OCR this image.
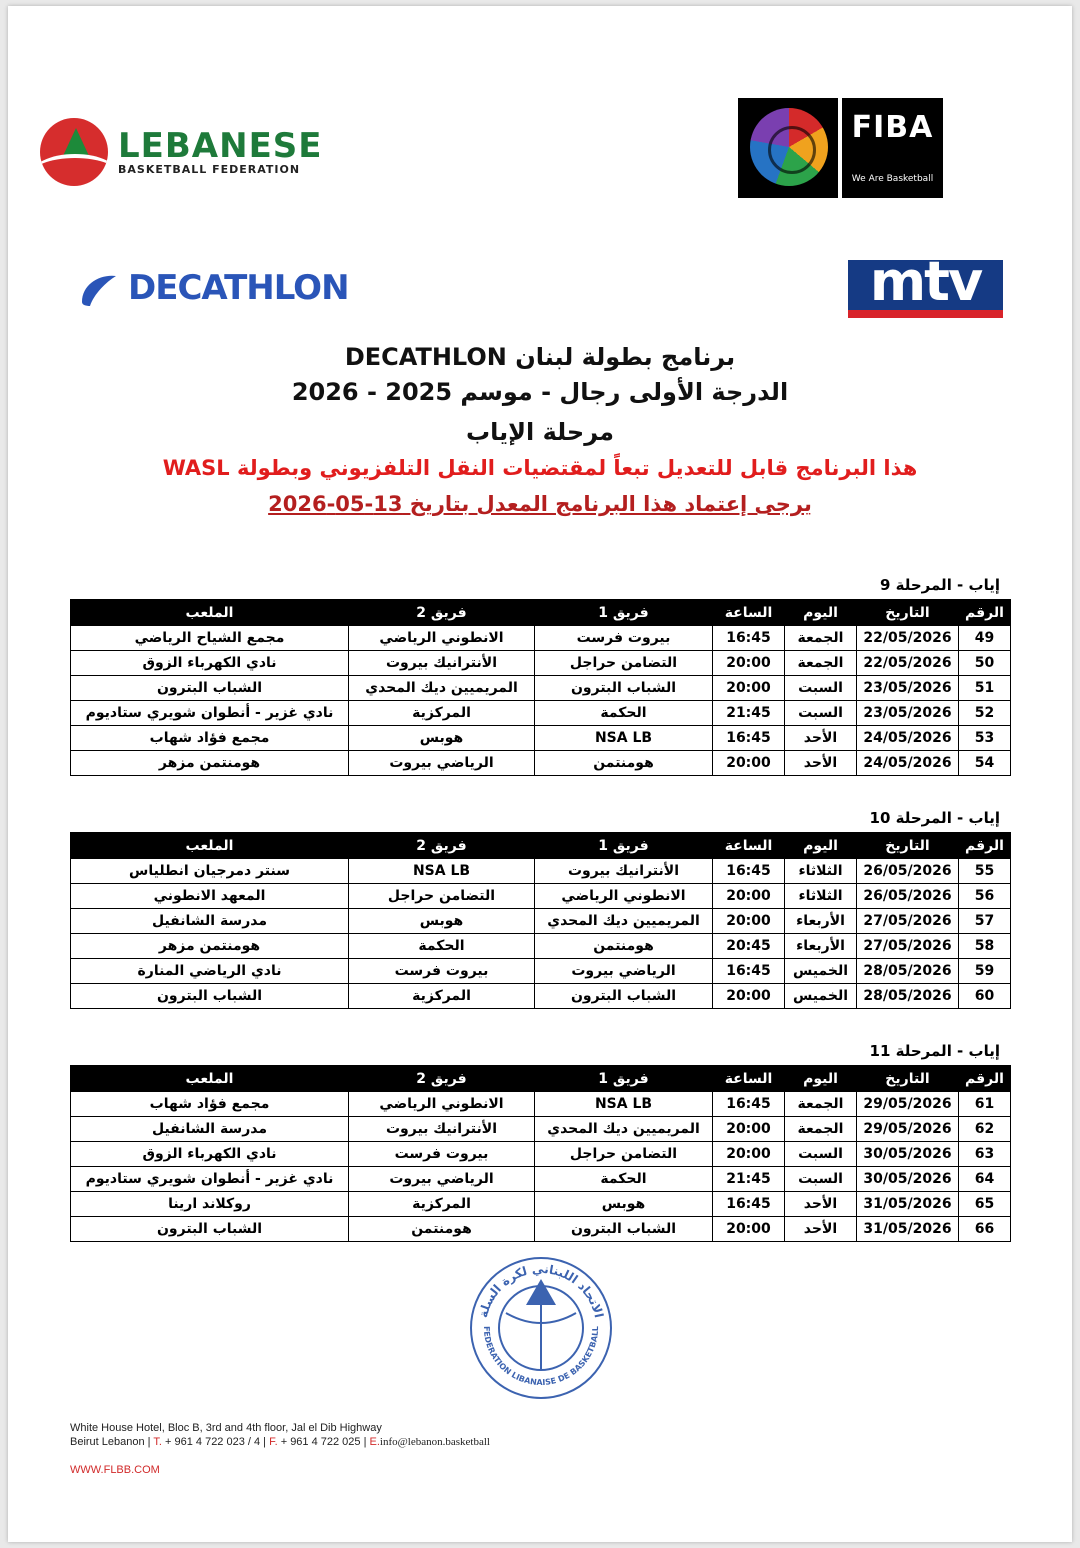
LEBANESE
BASKETBALL FEDERATION
FIBA
We Are Basketball
DECATHLON	mtv
برنامج بطولة لبنان DECATHLON
الدرجة الأولى رجال - موسم 2025 - 2026
مرحلة الإياب
هذا البرنامج قابل للتعديل تبعاً لمقتضيات النقل التلفزيوني وبطولة WASL
يرجى إعتماد هذا البرنامج المعدل بتاريخ 13-05-2026
إياب - المرحلة 9
الرقم	التاريخ	اليوم	الساعة	فريق 1	فريق 2	الملعب
49	22/05/2026	الجمعة	16:45	بيروت فرست	الانطوني الرياضي	مجمع الشياح الرياضي
50	22/05/2026	الجمعة	20:00	التضامن حراجل	الأنترانيك بيروت	نادي الكهرباء الزوق
51	23/05/2026	السبت	20:00	الشباب البترون	المريميين ديك المحدي	الشباب البترون
52	23/05/2026	السبت	21:45	الحكمة	المركزية	نادي غزير - أنطوان شويري ستاديوم
53	24/05/2026	الأحد	16:45	NSA LB	هوبس	مجمع فؤاد شهاب
54	24/05/2026	الأحد	20:00	هومنتمن	الرياضي بيروت	هومنتمن مزهر
إياب - المرحلة 10
الرقم	التاريخ	اليوم	الساعة	فريق 1	فريق 2	الملعب
55	26/05/2026	الثلاثاء	16:45	الأنترانيك بيروت	NSA LB	سنتر دمرجيان انطلياس
56	26/05/2026	الثلاثاء	20:00	الانطوني الرياضي	التضامن حراجل	المعهد الانطوني
57	27/05/2026	الأربعاء	20:00	المريميين ديك المحدي	هوبس	مدرسة الشانفيل
58	27/05/2026	الأربعاء	20:45	هومنتمن	الحكمة	هومنتمن مزهر
59	28/05/2026	الخميس	16:45	الرياضي بيروت	بيروت فرست	نادي الرياضي المنارة
60	28/05/2026	الخميس	20:00	الشباب البترون	المركزية	الشباب البترون
إياب - المرحلة 11
الرقم	التاريخ	اليوم	الساعة	فريق 1	فريق 2	الملعب
61	29/05/2026	الجمعة	16:45	NSA LB	الانطوني الرياضي	مجمع فؤاد شهاب
62	29/05/2026	الجمعة	20:00	المريميين ديك المحدي	الأنترانيك بيروت	مدرسة الشانفيل
63	30/05/2026	السبت	20:00	التضامن حراجل	بيروت فرست	نادي الكهرباء الزوق
64	30/05/2026	السبت	21:45	الحكمة	الرياضي بيروت	نادي غزير - أنطوان شويري ستاديوم
65	31/05/2026	الأحد	16:45	هوبس	المركزية	روكلاند ارينا
66	31/05/2026	الأحد	20:00	الشباب البترون	هومنتمن	الشباب البترون
الاتحاد اللبناني لكرة السلة
FEDERATION LIBANAISE DE BASKETBALL
White House Hotel, Bloc B, 3rd and 4th floor, Jal el Dib Highway
Beirut Lebanon | T. + 961 4 722 023 / 4 | F. + 961 4 722 025 | E.info@lebanon.basketball
WWW.FLBB.COM
